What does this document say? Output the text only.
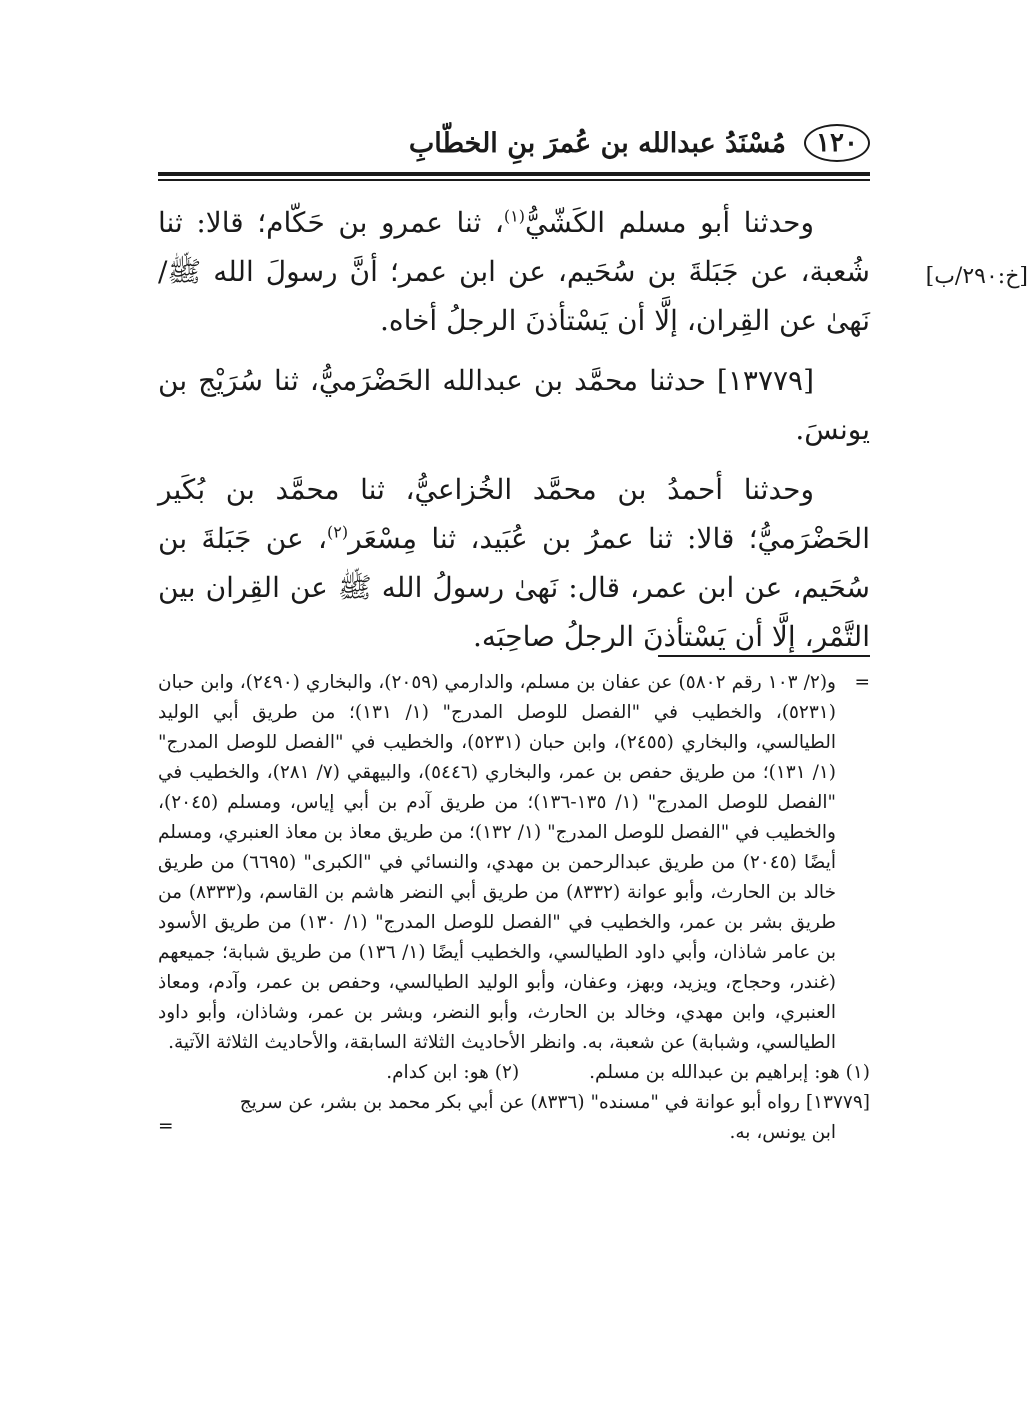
١٢٠
مُسْنَدُ عبدالله بن عُمرَ بنِ الخطّابِ
[خ:٢٩٠/ب]

وحدثنا أبو مسلم الكَشّيُّ$^{(١)}$، ثنا عمرو بن حَكّام؛ قالا: ثنا شُعبة، عن جَبَلةَ بن سُحَيم، عن ابن عمر؛ أنَّ رسولَ الله ﷺ/ نَهىٰ عن القِران، إلَّا أن يَسْتأذنَ الرجلُ أخاه.

[١٣٧٧٩] حدثنا محمَّد بن عبدالله الحَضْرَميُّ، ثنا سُرَيْج بن يونسَ.

وحدثنا أحمدُ بن محمَّد الخُزاعيُّ، ثنا محمَّد بن بُكَير الحَضْرَميُّ؛ قالا: ثنا عمرُ بن عُبَيد، ثنا مِسْعَر$^{(٢)}$، عن جَبَلةَ بن سُحَيم، عن ابن عمر، قال: نَهىٰ رسولُ الله ﷺ عن القِران بين التَّمْر، إلَّا أن يَسْتأذنَ الرجلُ صاحِبَه.

=
و(٢/ ١٠٣ رقم ٥٨٠٢) عن عفان بن مسلم، والدارمي (٢٠٥٩)، والبخاري (٢٤٩٠)، وابن حبان (٥٢٣١)، والخطيب في "الفصل للوصل المدرج" (١/ ١٣١)؛ من طريق أبي الوليد الطيالسي، والبخاري (٢٤٥٥)، وابن حبان (٥٢٣١)، والخطيب في "الفصل للوصل المدرج" (١/ ١٣١)؛ من طريق حفص بن عمر، والبخاري (٥٤٤٦)، والبيهقي (٧/ ٢٨١)، والخطيب في "الفصل للوصل المدرج" (١/ ١٣٥-١٣٦)؛ من طريق آدم بن أبي إياس، ومسلم (٢٠٤٥)، والخطيب في "الفصل للوصل المدرج" (١/ ١٣٢)؛ من طريق معاذ بن معاذ العنبري، ومسلم أيضًا (٢٠٤٥) من طريق عبدالرحمن بن مهدي، والنسائي في "الكبرى" (٦٦٩٥) من طريق خالد بن الحارث، وأبو عوانة (٨٣٣٢) من طريق أبي النضر هاشم بن القاسم، و(٨٣٣٣) من طريق بشر بن عمر، والخطيب في "الفصل للوصل المدرج" (١/ ١٣٠) من طريق الأسود بن عامر شاذان، وأبي داود الطيالسي، والخطيب أيضًا (١/ ١٣٦) من طريق شبابة؛ جميعهم (غندر، وحجاج، ويزيد، وبهز، وعفان، وأبو الوليد الطيالسي، وحفص بن عمر، وآدم، ومعاذ العنبري، وابن مهدي، وخالد بن الحارث، وأبو النضر، وبشر بن عمر، وشاذان، وأبو داود الطيالسي، وشبابة) عن شعبة، به. وانظر الأحاديث الثلاثة السابقة، والأحاديث الثلاثة الآتية.
(١) هو: إبراهيم بن عبدالله بن مسلم.
(٢) هو: ابن كدام.
[١٣٧٧٩] رواه أبو عوانة في "مسنده" (٨٣٣٦) عن أبي بكر محمد بن بشر، عن سريج
ابن يونس، به.
=
